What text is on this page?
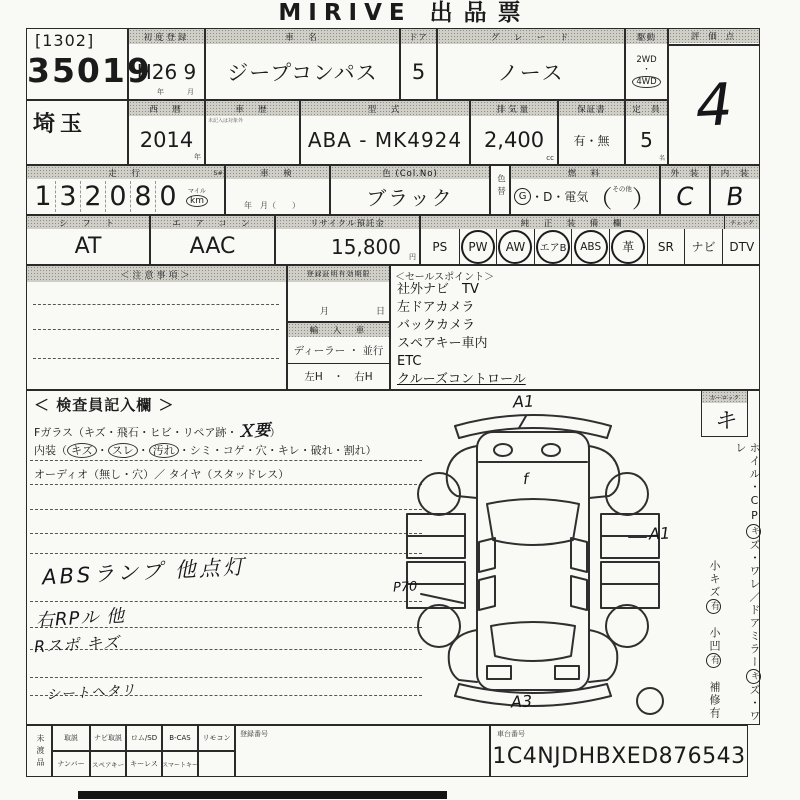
MIRIVE 出品票
[1302]
35019
埼玉
初度登録
H26 9
年	月
車　名
ジープコンパス
ドア
5
グ　レ　ー　ド
ノース
駆動
2WD
・
4WD
評 価 点
4
西　暦
2014
年
車　歴
未記入は対象外
型　式
ABA - MK4924
排気量
2,400
cc
保証書
有・無
定　員
5
名
走　行	S#
1 3 2 0 8 0	マイル
km
車　検
年　月（　　）
色 (Col.No)
ブラック	色替
燃　料
G ・D・電気 （ その他 ）
外　装
C
内　装
B
シ　フ　ト
AT
エ　ア　コ　ン
AAC
リサイクル預託金
15,800	円
純　正　装　備　欄	チェック
PS	PW	AW	エアB	ABS	革	SR ナビ DTV
＜注意事項＞	登録証明有効期限
月	日
輸　入　車
ディーラー ・ 並行
左H　・　右H
＜セールスポイント＞
社外ナビ　TV
左ドアカメラ
バックカメラ
スペアキー車内
ETC
クルーズコントロール
＜ 検査員記入欄 ＞
Fガラス（キズ・飛石・ヒビ・リペア跡・Ｘ要）
内装（ キズ ・ スレ ・ 汚れ ・シミ・コゲ・穴・キレ・破れ・割れ）
オーディオ（無し・穴）／ タイヤ（スタッドレス）
ABSランプ 他点灯
右RPル 他
Rスポ キズ
シートヘタリ
A1
f
A1
P70
A3
カーロック
キ
ホイル・CPキズ・ワレ／ドアミラーキズ・ワレ
小キズ有　小凹有　補修有
未渡品	取説	ナビ取説	ロム/SD	B-CAS	リモコン
ナンバー	スペアキー キーレス スマートキー
登録番号	車台番号
1C4NJDHBXED876543
